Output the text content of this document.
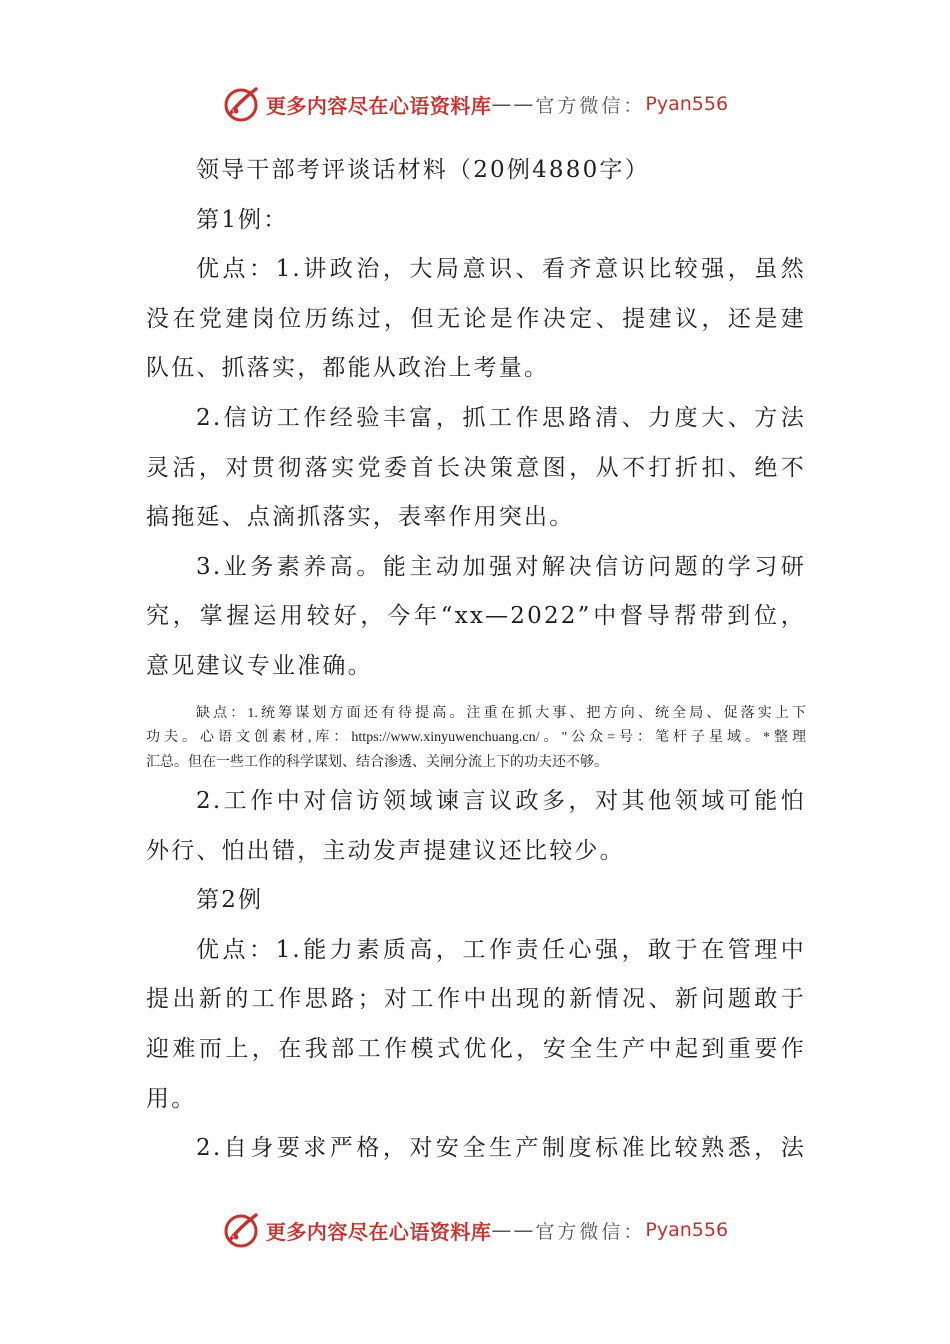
更多内容尽在心语资料库 —— 官方微信： Pyan556
领导干部考评谈话材料（20例4880字）
第1例：
优点：1.讲政治，大局意识、看齐意识比较强，虽然
没在党建岗位历练过，但无论是作决定、提建议，还是建
队伍、抓落实，都能从政治上考量。
2.信访工作经验丰富，抓工作思路清、力度大、方法
灵活，对贯彻落实党委首长决策意图，从不打折扣、绝不
搞拖延、点滴抓落实，表率作用突出。
3.业务素养高。能主动加强对解决信访问题的学习研
究，掌握运用较好，今年“xx—2022”中督导帮带到位，
意见建议专业准确。
缺点：1.统筹谋划方面还有待提高。注重在抓大事、把方向、统全局、促落实上下
功夫。心语文创素材,库：https://www.xinyuwenchuang.cn/。"公众=号：笔杆子星域。*整理
汇总。但在一些工作的科学谋划、结合渗透、关闸分流上下的功夫还不够。
2.工作中对信访领域谏言议政多，对其他领域可能怕
外行、怕出错，主动发声提建议还比较少。
第2例
优点：1.能力素质高，工作责任心强，敢于在管理中
提出新的工作思路；对工作中出现的新情况、新问题敢于
迎难而上，在我部工作模式优化，安全生产中起到重要作
用。
2.自身要求严格，对安全生产制度标准比较熟悉，法
更多内容尽在心语资料库 —— 官方微信： Pyan556
